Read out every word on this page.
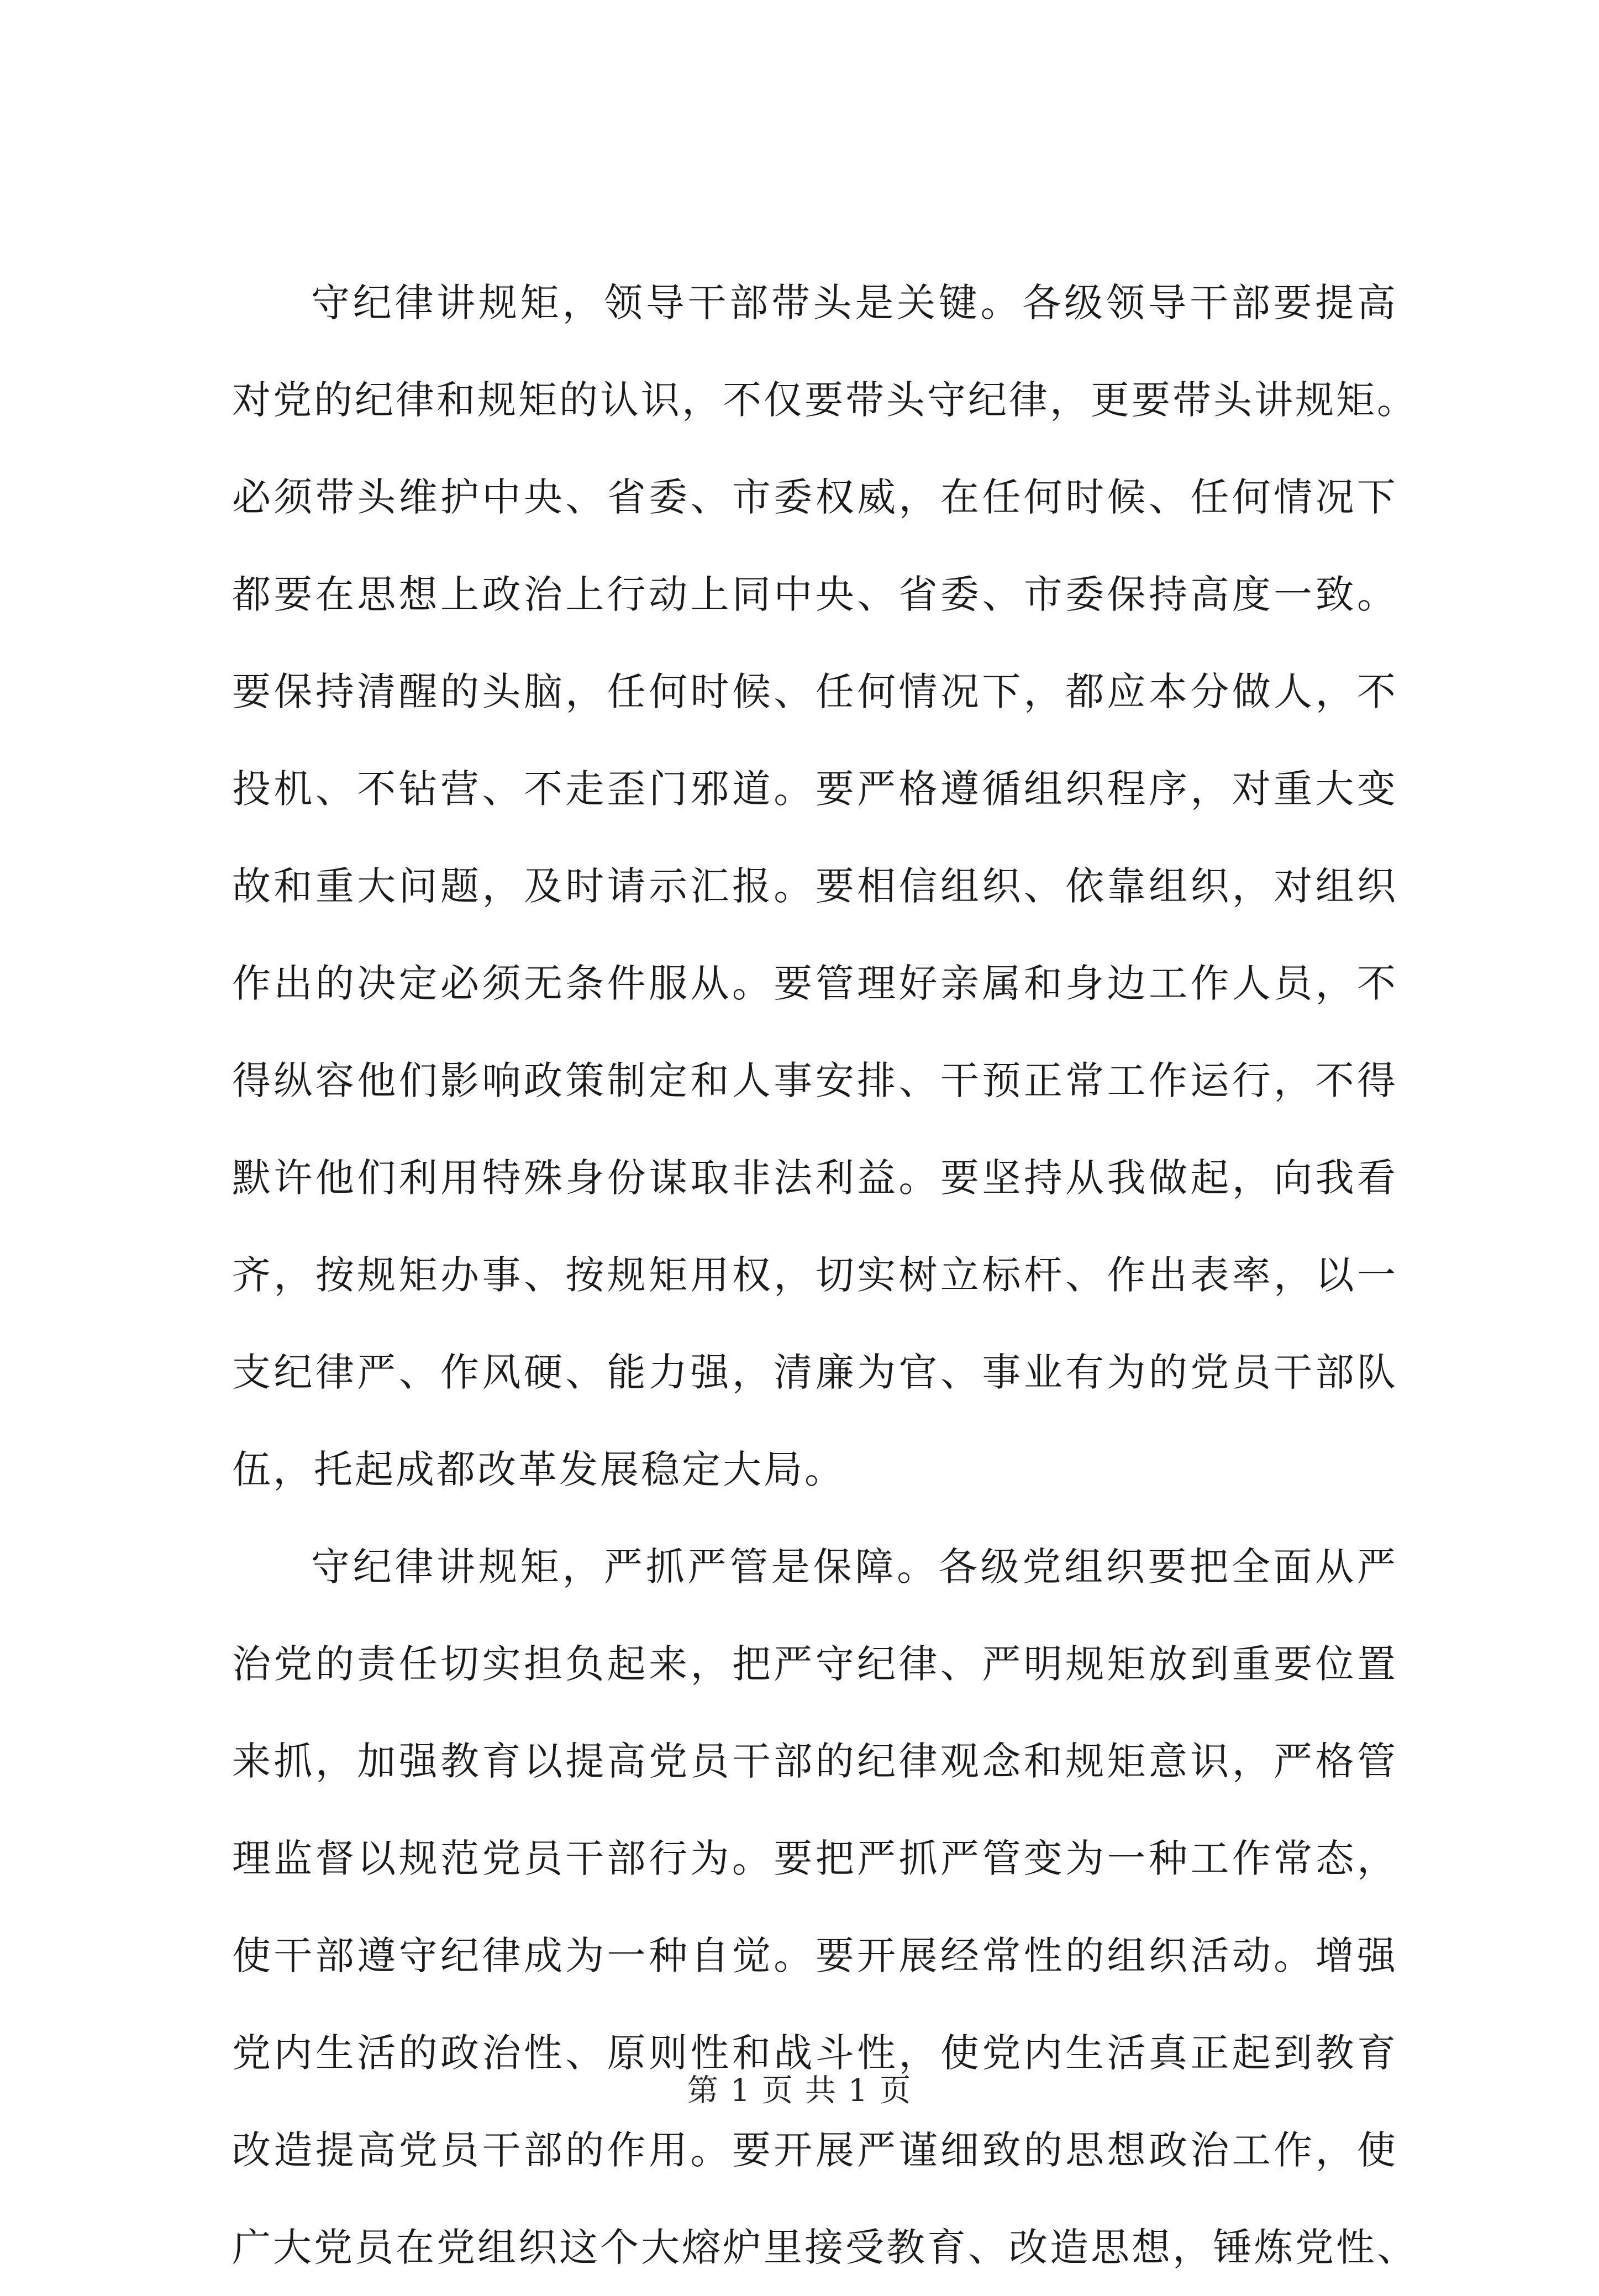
守纪律讲规矩，领导干部带头是关键。各级领导干部要提高
对党的纪律和规矩的认识，不仅要带头守纪律，更要带头讲规矩。
必须带头维护中央、省委、市委权威，在任何时候、任何情况下
都要在思想上政治上行动上同中央、省委、市委保持高度一致。
要保持清醒的头脑，任何时候、任何情况下，都应本分做人，不
投机、不钻营、不走歪门邪道。要严格遵循组织程序，对重大变
故和重大问题，及时请示汇报。要相信组织、依靠组织，对组织
作出的决定必须无条件服从。要管理好亲属和身边工作人员，不
得纵容他们影响政策制定和人事安排、干预正常工作运行，不得
默许他们利用特殊身份谋取非法利益。要坚持从我做起，向我看
齐，按规矩办事、按规矩用权，切实树立标杆、作出表率，以一
支纪律严、作风硬、能力强，清廉为官、事业有为的党员干部队
伍，托起成都改革发展稳定大局。
守纪律讲规矩，严抓严管是保障。各级党组织要把全面从严
治党的责任切实担负起来，把严守纪律、严明规矩放到重要位置
来抓，加强教育以提高党员干部的纪律观念和规矩意识，严格管
理监督以规范党员干部行为。要把严抓严管变为一种工作常态，
使干部遵守纪律成为一种自觉。要开展经常性的组织活动。增强
党内生活的政治性、原则性和战斗性，使党内生活真正起到教育
改造提高党员干部的作用。要开展严谨细致的思想政治工作，使
广大党员在党组织这个大熔炉里接受教育、改造思想，锤炼党性、
第 1 页 共 1 页
